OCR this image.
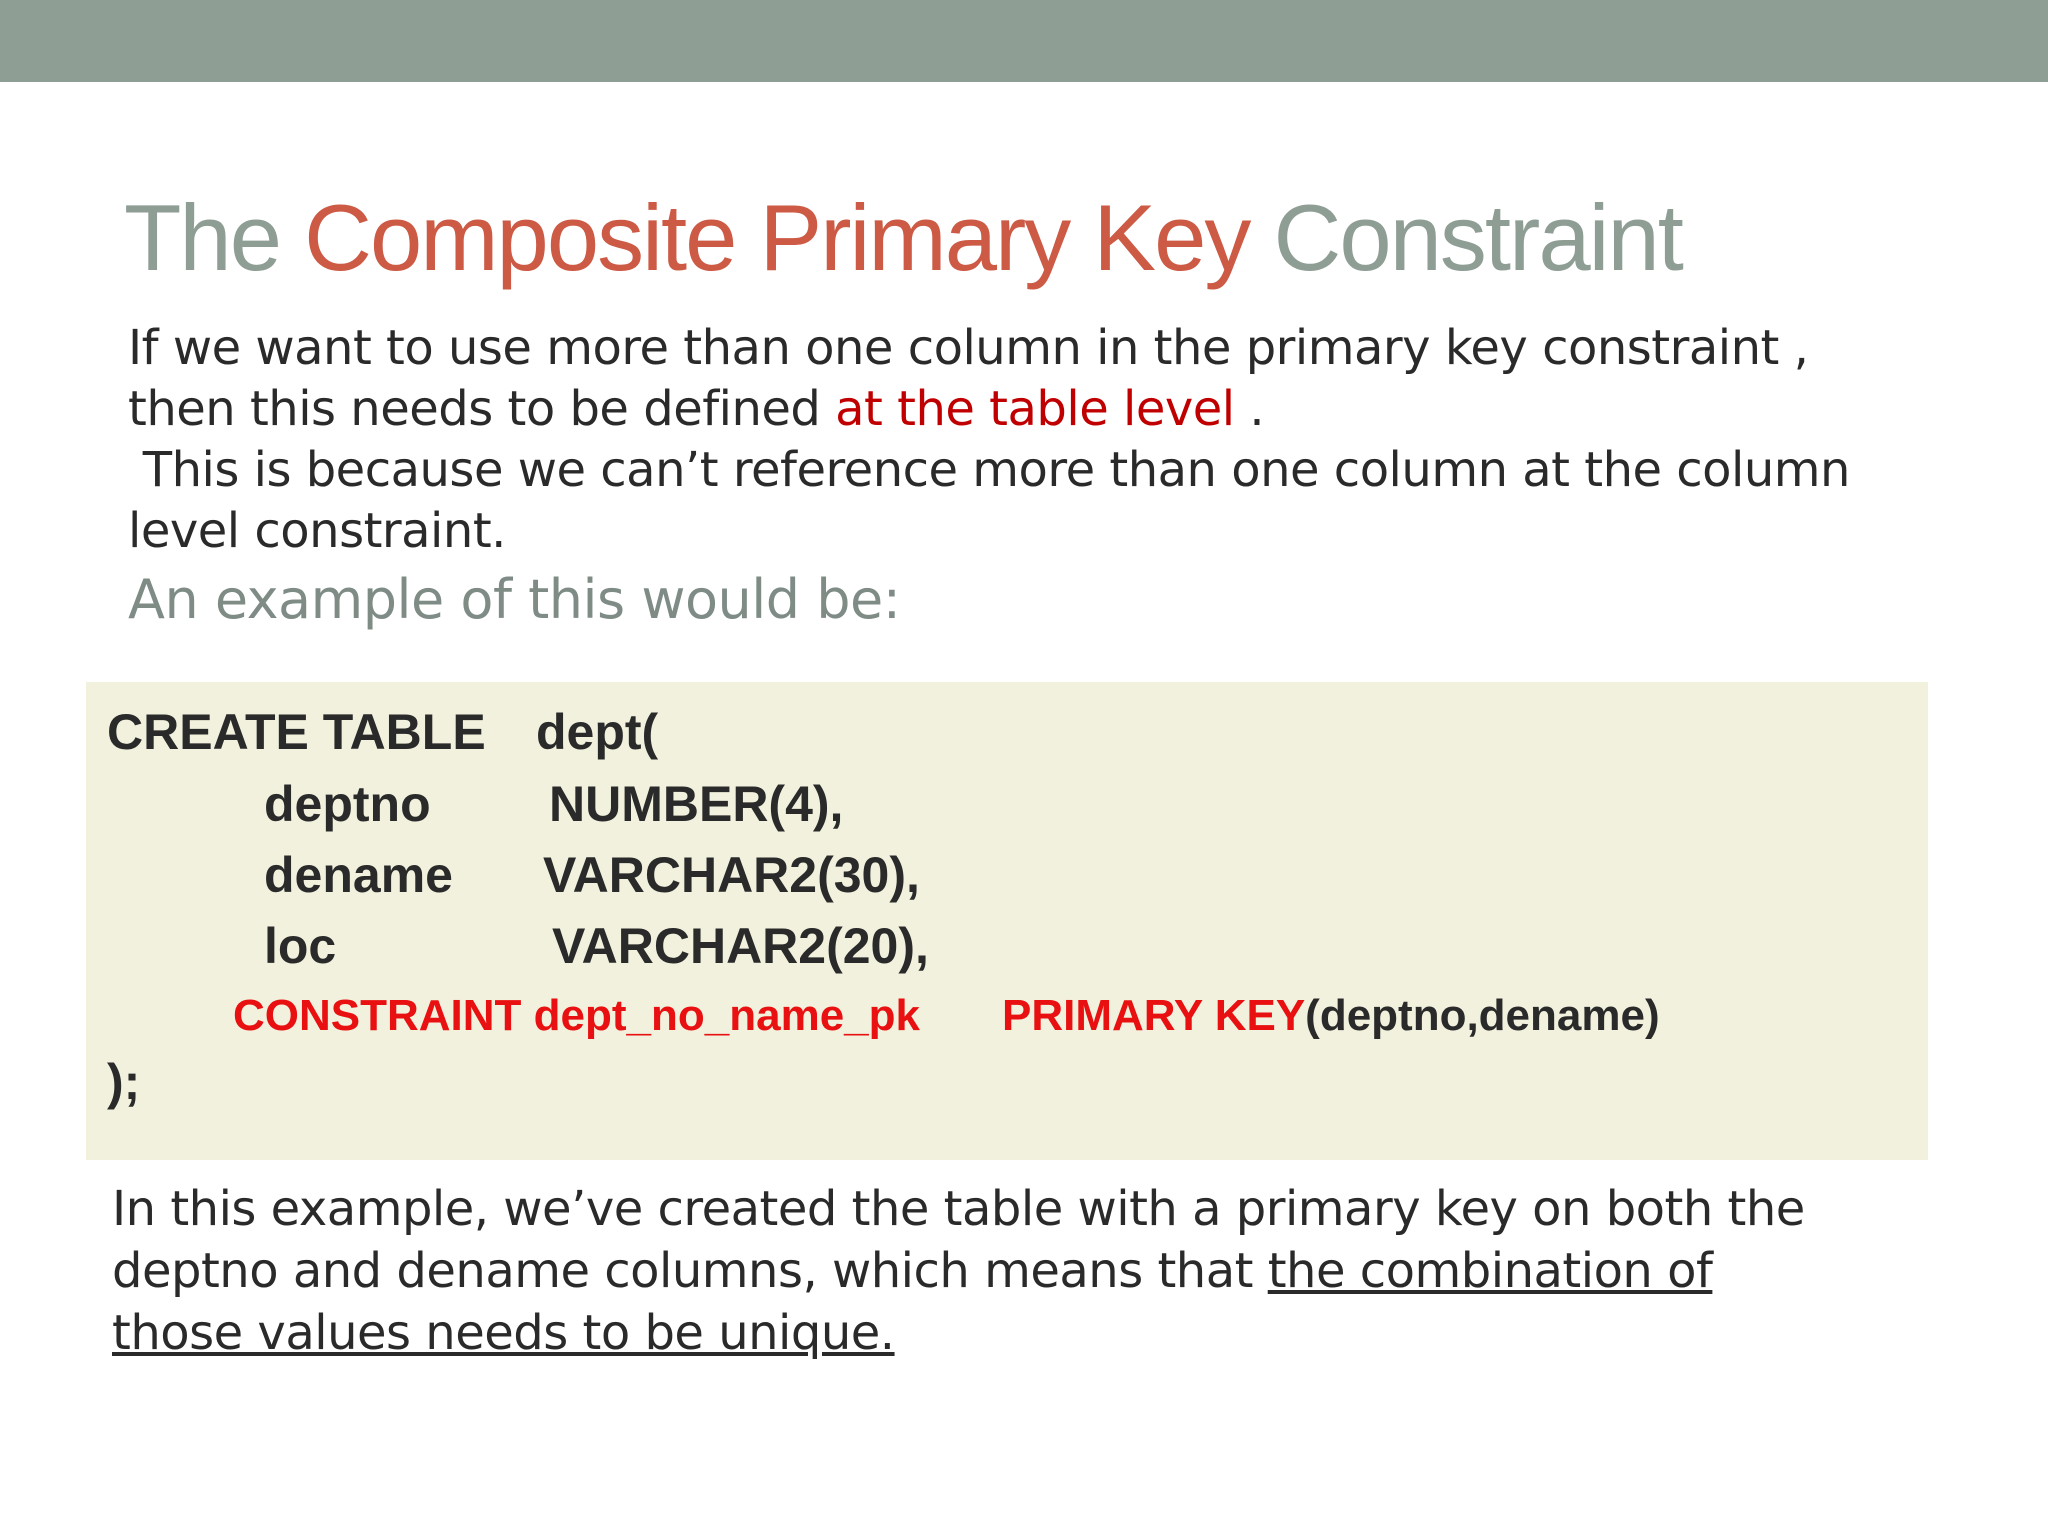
The Composite Primary Key Constraint
If we want to use more than one column in the primary key constraint ,
then this needs to be defined at the table level .
This is because we can’t reference more than one column at the column
level constraint.
An example of this would be:
CREATE TABLE dept(
deptno NUMBER(4),
dename VARCHAR2(30),
loc	VARCHAR2(20),
CONSTRAINT dept_no_name_pk PRIMARY KEY(deptno,dename)
);
In this example, we’ve created the table with a primary key on both the
deptno and dename columns, which means that the combination of
those values needs to be unique.
